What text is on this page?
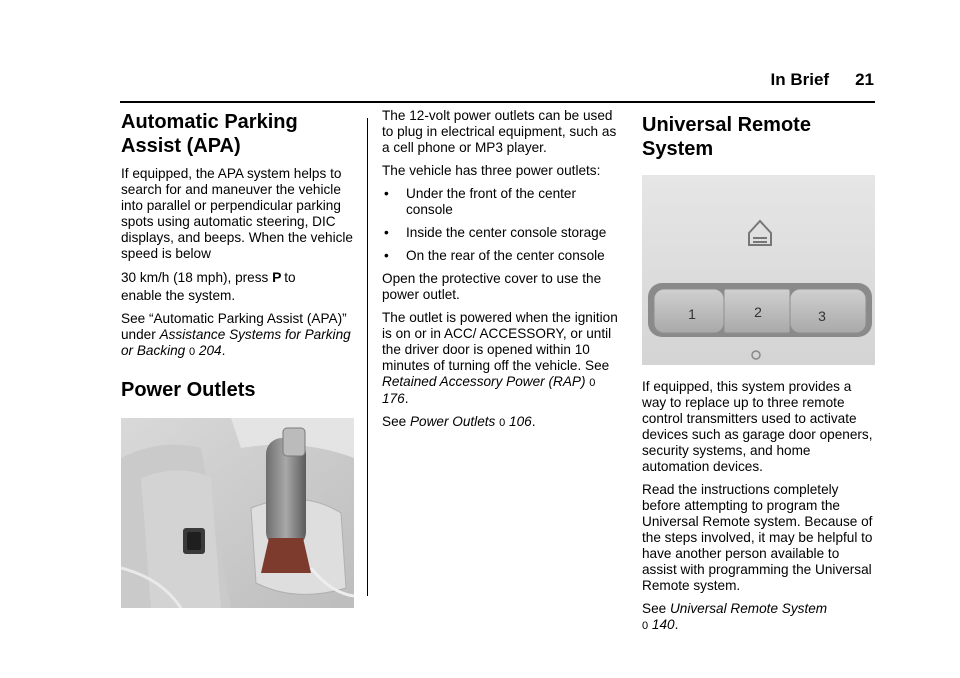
In Brief 21
Automatic Parking Assist (APA)

If equipped, the APA system helps to search for and maneuver the vehicle into parallel or perpendicular parking spots using automatic steering, DIC displays, and beeps. When the vehicle speed is below

30 km/h (18 mph), press P to

enable the system.

See “Automatic Parking Assist (APA)” under Assistance Systems for Parking or Backing 0 204.

Power Outlets

The 12-volt power outlets can be used to plug in electrical equipment, such as a cell phone or MP3 player.

The vehicle has three power outlets:

•	Under the front of the center console
•	Inside the center console storage
•	On the rear of the center console

Open the protective cover to use the power outlet.

The outlet is powered when the ignition is on or in ACC/ ACCESSORY, or until the driver door is opened within 10 minutes of turning off the vehicle. See Retained Accessory Power (RAP) 0 176.

See Power Outlets 0 106.

Universal Remote System
1	2	3

If equipped, this system provides a way to replace up to three remote control transmitters used to activate devices such as garage door openers, security systems, and home automation devices.

Read the instructions completely before attempting to program the Universal Remote system. Because of the steps involved, it may be helpful to have another person available to assist with programming the Universal Remote system.

See Universal Remote System
0 140.
